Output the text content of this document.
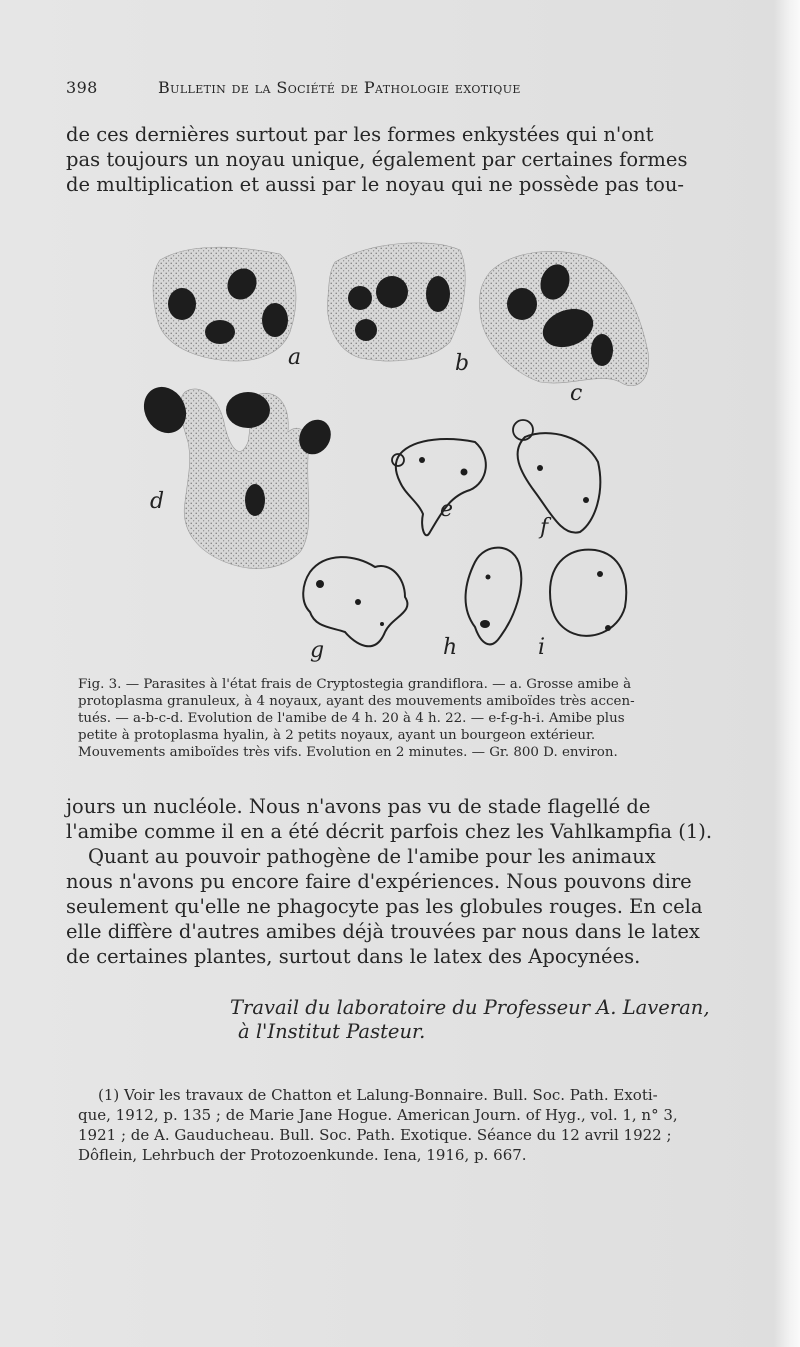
398	Bulletin de la Société de Pathologie exotique

de ces dernières surtout par les formes enkystées qui n'ont
pas toujours un noyau unique, également par certaines formes
de multiplication et aussi par le noyau qui ne possède pas tou-

a	b
c
d	e
f
g	h	i
Fig. 3. — Parasites à l'état frais de Cryptostegia grandiflora. — a. Grosse amibe à
protoplasma granuleux, à 4 noyaux, ayant des mouvements amiboïdes très accen-
tués. — a-b-c-d. Evolution de l'amibe de 4 h. 20 à 4 h. 22. — e-f-g-h-i. Amibe plus
petite à protoplasma hyalin, à 2 petits noyaux, ayant un bourgeon extérieur.
Mouvements amiboïdes très vifs. Evolution en 2 minutes. — Gr. 800 D. environ.

jours un nucléole. Nous n'avons pas vu de stade flagellé de
l'amibe comme il en a été décrit parfois chez les Vahlkampfia (1).
Quant au pouvoir pathogène de l'amibe pour les animaux
nous n'avons pu encore faire d'expériences. Nous pouvons dire
seulement qu'elle ne phagocyte pas les globules rouges. En cela
elle diffère d'autres amibes déjà trouvées par nous dans le latex
de certaines plantes, surtout dans le latex des Apocynées.

Travail du laboratoire du Professeur A. Laveran,
à l'Institut Pasteur.
(1) Voir les travaux de Chatton et Lalung-Bonnaire. Bull. Soc. Path. Exoti-
que, 1912, p. 135 ; de Marie Jane Hogue. American Journ. of Hyg., vol. 1, n° 3,
1921 ; de A. Gauducheau. Bull. Soc. Path. Exotique. Séance du 12 avril 1922 ;
Dôflein, Lehrbuch der Protozoenkunde. Iena, 1916, p. 667.
